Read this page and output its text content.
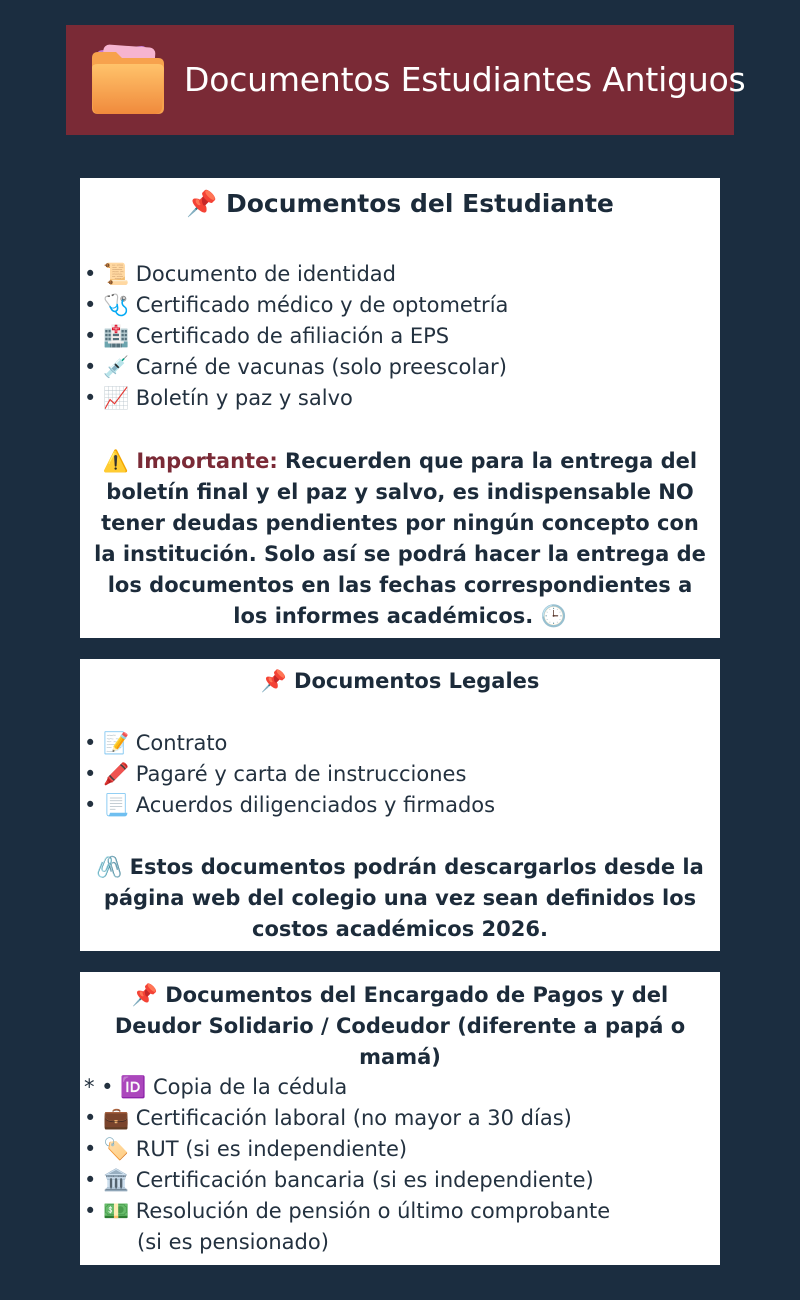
Documentos Estudiantes Antiguos
📌 Documentos del Estudiante
• 📜 Documento de identidad
• 🩺 Certificado médico y de optometría
• 🏥 Certificado de afiliación a EPS
• 💉 Carné de vacunas (solo preescolar)
• 📈 Boletín y paz y salvo
⚠️ Importante: Recuerden que para la entrega del boletín final y el paz y salvo, es indispensable NO tener deudas pendientes por ningún concepto con la institución. Solo así se podrá hacer la entrega de los documentos en las fechas correspondientes a los informes académicos. 🕒
📌 Documentos Legales
• 📝 Contrato
• 🖍️ Pagaré y carta de instrucciones
• 📃 Acuerdos diligenciados y firmados
🖇️ Estos documentos podrán descargarlos desde la página web del colegio una vez sean definidos los costos académicos 2026.
📌 Documentos del Encargado de Pagos y del Deudor Solidario / Codeudor (diferente a papá o mamá)
* • 🆔 Copia de la cédula
• 💼 Certificación laboral (no mayor a 30 días)
• 🏷️ RUT (si es independiente)
• 🏛️ Certificación bancaria (si es independiente)
• 💵 Resolución de pensión o último comprobante
(si es pensionado)
